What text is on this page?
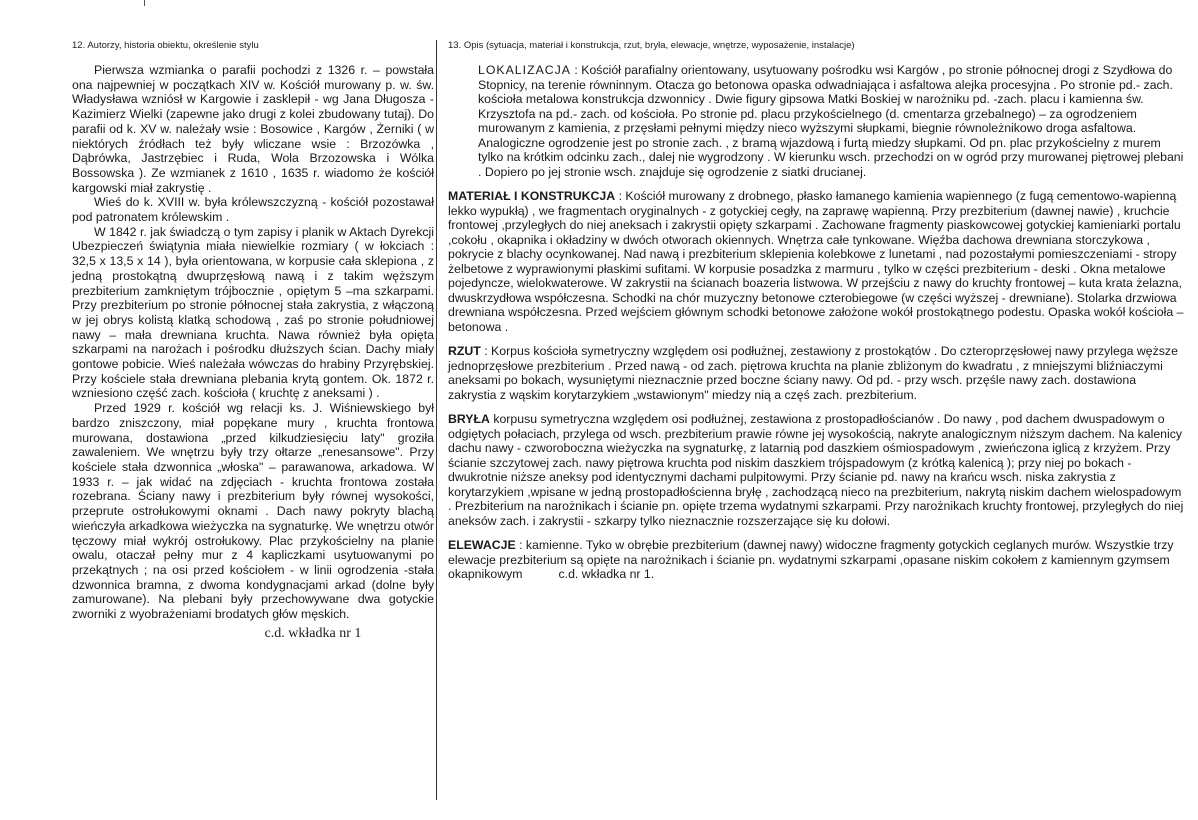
12. Autorzy, historia obiektu, określenie stylu

Pierwsza wzmianka o parafii pochodzi z 1326 r. – powstała ona najpewniej w początkach XIV w. Kościół murowany p. w. św. Władysława wzniósł w Kargowie i zasklepił - wg Jana Długosza - Kazimierz Wielki (zapewne jako drugi z kolei zbudowany tutaj). Do parafii od k. XV w. należały wsie : Bosowice , Kargów , Żerniki ( w niektórych źródłach też były wliczane wsie : Brzozówka , Dąbrówka, Jastrzębiec i Ruda, Wola Brzozowska i Wólka Bossowska ). Ze wzmianek z 1610 , 1635 r. wiadomo że kościół kargowski miał zakrystię .

Wieś do k. XVIII w. była królewszczyzną - kościół pozostawał pod patronatem królewskim .

W 1842 r. jak świadczą o tym zapisy i planik w Aktach Dyrekcji Ubezpieczeń świątynia miała niewielkie rozmiary ( w łokciach : 32,5 x 13,5 x 14 ), była orientowana, w korpusie cała sklepiona , z jedną prostokątną dwuprzęsłową nawą i z takim węższym prezbiterium zamkniętym trójbocznie , opiętym 5 –ma szkarpami. Przy prezbiterium po stronie północnej stała zakrystia, z włączoną w jej obrys kolistą klatką schodową , zaś po stronie południowej nawy – mała drewniana kruchta. Nawa również była opięta szkarpami na narożach i pośrodku dłuższych ścian. Dachy miały gontowe pobicie. Wieś należała wówczas do hrabiny Przyrębskiej. Przy kościele stała drewniana plebania krytą gontem. Ok. 1872 r. wzniesiono część zach. kościoła ( kruchtę z aneksami ) .

Przed 1929 r. kościół wg relacji ks. J. Wiśniewskiego był bardzo zniszczony, miał popękane mury , kruchta frontowa murowana, dostawiona „przed kilkudziesięciu laty" groziła zawaleniem. We wnętrzu były trzy ołtarze „renesansowe". Przy kościele stała dzwonnica „włoska" – parawanowa, arkadowa. W 1933 r. – jak widać na zdjęciach - kruchta frontowa została rozebrana. Ściany nawy i prezbiterium były równej wysokości, przeprute ostrołukowymi oknami . Dach nawy pokryty blachą wieńczyła arkadkowa wieżyczka na sygnaturkę. We wnętrzu otwór tęczowy miał wykrój ostrołukowy. Plac przykościelny na planie owalu, otaczał pełny mur z 4 kapliczkami usytuowanymi po przekątnych ; na osi przed kościołem - w linii ogrodzenia -stała dzwonnica bramna, z dwoma kondygnacjami arkad (dolne były zamurowane). Na plebani były przechowywane dwa gotyckie zworniki z wyobrażeniami brodatych głów męskich.

c.d. wkładka nr 1
13. Opis (sytuacja, materiał i konstrukcja, rzut, bryła, elewacje, wnętrze, wyposażenie, instalacje)

LOKALIZACJA : Kościół parafialny orientowany, usytuowany pośrodku wsi Kargów , po stronie północnej drogi z Szydłowa do Stopnicy, na terenie równinnym. Otacza go betonowa opaska odwadniająca i asfaltowa alejka procesyjna . Po stronie pd.- zach. kościoła metalowa konstrukcja dzwonnicy . Dwie figury gipsowa Matki Boskiej w narożniku pd. -zach. placu i kamienna św. Krzysztofa na pd.- zach. od kościoła. Po stronie pd. placu przykościelnego (d. cmentarza grzebalnego) – za ogrodzeniem murowanym z kamienia, z przęsłami pełnymi między nieco wyższymi słupkami, biegnie równoleżnikowo droga asfaltowa. Analogiczne ogrodzenie jest po stronie zach. , z bramą wjazdową i furtą miedzy słupkami. Od pn. plac przykościelny z murem tylko na krótkim odcinku zach., dalej nie wygrodzony . W kierunku wsch. przechodzi on w ogród przy murowanej piętrowej plebani . Dopiero po jej stronie wsch. znajduje się ogrodzenie z siatki drucianej.

MATERIAŁ I KONSTRUKCJA : Kościół murowany z drobnego, płasko łamanego kamienia wapiennego (z fugą cementowo-wapienną lekko wypukłą) , we fragmentach oryginalnych - z gotyckiej cegły, na zaprawę wapienną. Przy prezbiterium (dawnej nawie) , kruchcie frontowej ,przyległych do niej aneksach i zakrystii opięty szkarpami . Zachowane fragmenty piaskowcowej gotyckiej kamieniarki portalu ,cokołu , okapnika i okładziny w dwóch otworach okiennych. Wnętrza całe tynkowane. Więźba dachowa drewniana storczykowa , pokrycie z blachy ocynkowanej. Nad nawą i prezbiterium sklepienia kolebkowe z lunetami , nad pozostałymi pomieszczeniami - stropy żelbetowe z wyprawionymi płaskimi sufitami. W korpusie posadzka z marmuru , tylko w części prezbiterium - deski . Okna metalowe pojedyncze, wielokwaterowe. W zakrystii na ścianach boazeria listwowa. W przejściu z nawy do kruchty frontowej – kuta krata żelazna, dwuskrzydłowa współczesna. Schodki na chór muzyczny betonowe czterobiegowe (w części wyższej - drewniane). Stolarka drzwiowa drewniana współczesna. Przed wejściem głównym schodki betonowe założone wokół prostokątnego podestu. Opaska wokół kościoła –betonowa .

RZUT : Korpus kościoła symetryczny względem osi podłużnej, zestawiony z prostokątów . Do czteroprzęsłowej nawy przylega węższe jednoprzęsłowe prezbiterium . Przed nawą - od zach. piętrowa kruchta na planie zbliżonym do kwadratu , z mniejszymi bliźniaczymi aneksami po bokach, wysuniętymi nieznacznie przed boczne ściany nawy. Od pd. - przy wsch. przęśle nawy zach. dostawiona zakrystia z wąskim korytarzykiem „wstawionym" miedzy nią a częś zach. prezbiterium.

BRYŁA korpusu symetryczna względem osi podłużnej, zestawiona z prostopadłościanów . Do nawy , pod dachem dwuspadowym o odgiętych połaciach, przylega od wsch. prezbiterium prawie równe jej wysokością, nakryte analogicznym niższym dachem. Na kalenicy dachu nawy - czworoboczna wieżyczka na sygnaturkę, z latarnią pod daszkiem ośmiospadowym , zwieńczona iglicą z krzyżem. Przy ścianie szczytowej zach. nawy piętrowa kruchta pod niskim daszkiem trójspadowym (z krótką kalenicą ); przy niej po bokach - dwukrotnie niższe aneksy pod identycznymi dachami pulpitowymi. Przy ścianie pd. nawy na krańcu wsch. niska zakrystia z korytarzykiem ,wpisane w jedną prostopadłościenna bryłę , zachodzącą nieco na prezbiterium, nakrytą niskim dachem wielospadowym . Prezbiterium na narożnikach i ścianie pn. opięte trzema wydatnymi szkarpami. Przy narożnikach kruchty frontowej, przyległych do niej aneksów zach. i zakrystii - szkarpy tylko nieznacznie rozszerzające się ku dołowi.

ELEWACJE : kamienne. Tyko w obrębie prezbiterium (dawnej nawy) widoczne fragmenty gotyckich ceglanych murów. Wszystkie trzy elewacje prezbiterium są opięte na narożnikach i ścianie pn. wydatnymi szkarpami ,opasane niskim cokołem z kamiennym gzymsem okapnikowym	c.d. wkładka nr 1.
